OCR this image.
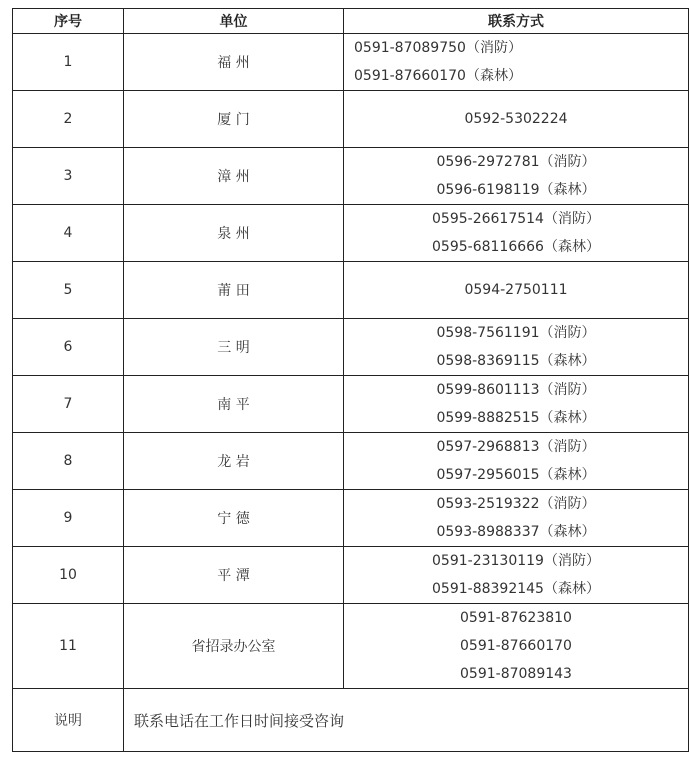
序号	单位	联系方式
1	福 州	0591-87089750（消防）
0591-87660170（森林）

2	厦 门	0592-5302224

3	漳 州	0596-2972781（消防）
0596-6198119（森林）

4	泉 州	0595-26617514（消防）
0595-68116666（森林）

5	莆 田	0594-2750111

6	三 明	0598-7561191（消防）
0598-8369115（森林）

7	南 平	0599-8601113（消防）
0599-8882515（森林）

8	龙 岩	0597-2968813（消防）
0597-2956015（森林）

9	宁 德	0593-2519322（消防）
0593-8988337（森林）

10	平 潭	0591-23130119（消防）
0591-88392145（森林）

11	省招录办公室	0591-87623810
0591-87660170
0591-87089143

说明	联系电话在工作日时间接受咨询	
